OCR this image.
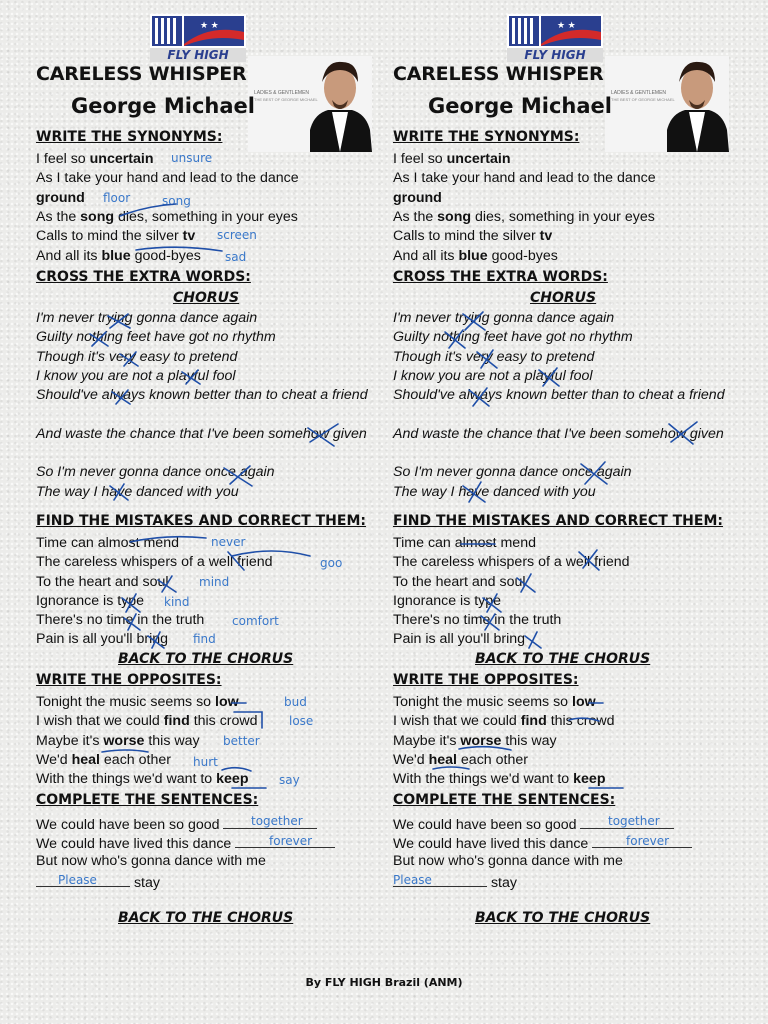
★ ★
FLY HIGH
LADIES & GENTLEMEN
THE BEST OF GEORGE MICHAEL
CARELESS WHISPER
George Michael
WRITE THE SYNONYMS:
I feel so uncertain
As I take your hand and lead to the dance
ground
As the song dies, something in your eyes
Calls to mind the silver tv
And all its blue good-byes
unsure
floor	song
screen
sad
CROSS THE EXTRA WORDS:
CHORUS
I'm never trying gonna dance again
Guilty nothing feet have got no rhythm
Though it's very easy to pretend
I know you are not a playful fool
Should've always known better than to cheat a friend
And waste the chance that I've been somehow given
So I'm never gonna dance once again
The way I have danced with you
FIND THE MISTAKES AND CORRECT THEM:
Time can almost mend
The careless whispers of a well friend
To the heart and soul
Ignorance is type
There's no time in the truth
Pain is all you'll bring
never
goo
mind
kind
comfort
find
BACK TO THE CHORUS
WRITE THE OPPOSITES:
Tonight the music seems so low
I wish that we could find this crowd
Maybe it's worse this way
We'd heal each other
With the things we'd want to keep
bud
lose
better
hurt
say
COMPLETE THE SENTENCES:
We could have been so good
We could have lived this dance
But now who's gonna dance with me
stay
together
forever
Please
BACK TO THE CHORUS
★ ★
FLY HIGH
LADIES & GENTLEMEN
THE BEST OF GEORGE MICHAEL
CARELESS WHISPER
George Michael
WRITE THE SYNONYMS:
I feel so uncertain
As I take your hand and lead to the dance
ground
As the song dies, something in your eyes
Calls to mind the silver tv
And all its blue good-byes
CROSS THE EXTRA WORDS:
CHORUS
I'm never trying gonna dance again
Guilty nothing feet have got no rhythm
Though it's very easy to pretend
I know you are not a playful fool
Should've always known better than to cheat a friend
And waste the chance that I've been somehow given
So I'm never gonna dance once again
The way I have danced with you
FIND THE MISTAKES AND CORRECT THEM:
Time can almost mend
The careless whispers of a well friend
To the heart and soul
Ignorance is type
There's no time in the truth
Pain is all you'll bring
BACK TO THE CHORUS
WRITE THE OPPOSITES:
Tonight the music seems so low
I wish that we could find this crowd
Maybe it's worse this way
We'd heal each other
With the things we'd want to keep
COMPLETE THE SENTENCES:
We could have been so good
We could have lived this dance
But now who's gonna dance with me
stay
together
forever
Please
BACK TO THE CHORUS
By FLY HIGH Brazil (ANM)
